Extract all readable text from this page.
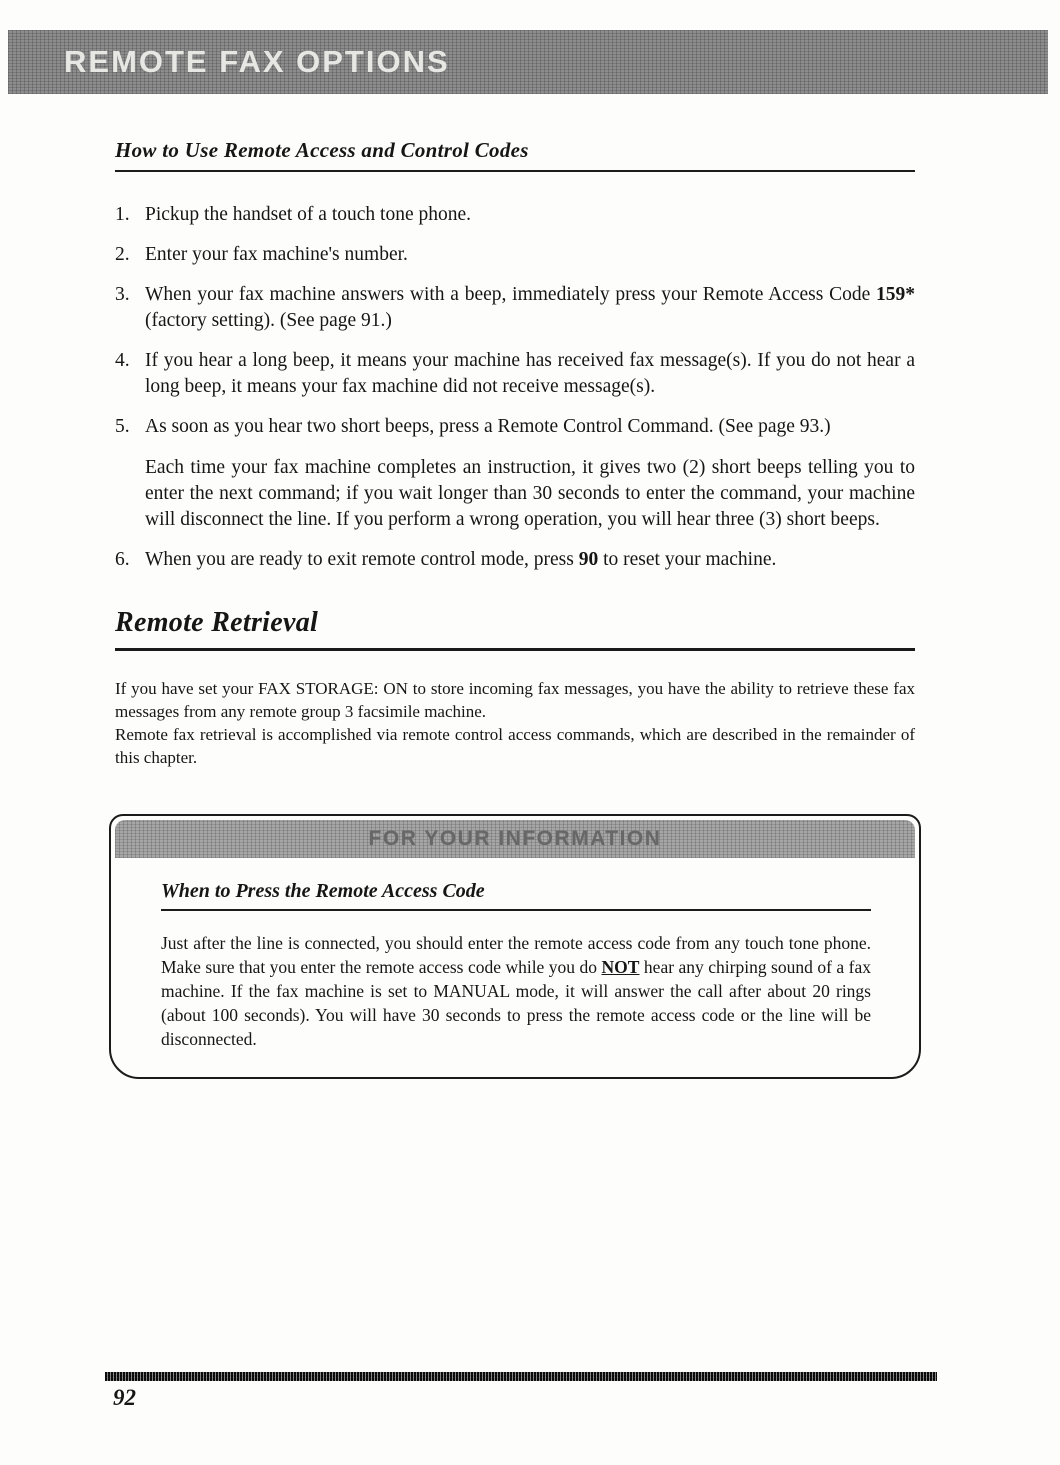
REMOTE FAX OPTIONS
How to Use Remote Access and Control Codes
1. Pickup the handset of a touch tone phone.
2. Enter your fax machine's number.
3. When your fax machine answers with a beep, immediately press your Remote Access Code 159* (factory setting). (See page 91.)
4. If you hear a long beep, it means your machine has received fax message(s). If you do not hear a long beep, it means your fax machine did not receive message(s).
5. As soon as you hear two short beeps, press a Remote Control Command. (See page 93.)
Each time your fax machine completes an instruction, it gives two (2) short beeps telling you to enter the next command; if you wait longer than 30 seconds to enter the command, your machine will disconnect the line. If you perform a wrong operation, you will hear three (3) short beeps.
6. When you are ready to exit remote control mode, press 90 to reset your machine.
Remote Retrieval
If you have set your FAX STORAGE: ON to store incoming fax messages, you have the ability to retrieve these fax messages from any remote group 3 facsimile machine.
Remote fax retrieval is accomplished via remote control access commands, which are described in the remainder of this chapter.
FOR YOUR INFORMATION
When to Press the Remote Access Code
Just after the line is connected, you should enter the remote access code from any touch tone phone. Make sure that you enter the remote access code while you do NOT hear any chirping sound of a fax machine. If the fax machine is set to MANUAL mode, it will answer the call after about 20 rings (about 100 seconds). You will have 30 seconds to press the remote access code or the line will be disconnected.
92
